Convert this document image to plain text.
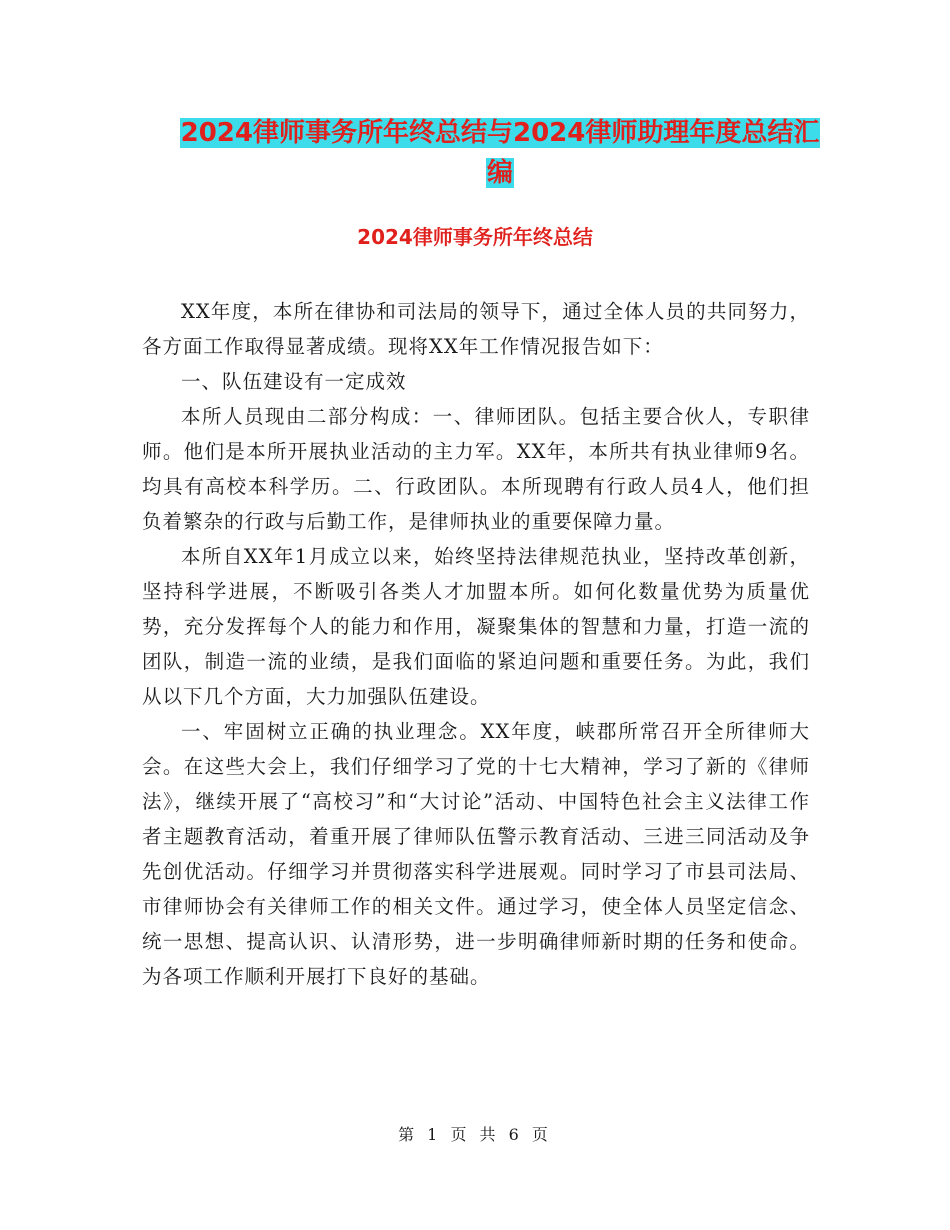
2024律师事务所年终总结与2024律师助理年度总结汇
编
2024律师事务所年终总结

XX年度，本所在律协和司法局的领导下，通过全体人员的共同努力，各方面工作取得显著成绩。现将XX年工作情况报告如下：

一、队伍建设有一定成效

本所人员现由二部分构成：一、律师团队。包括主要合伙人，专职律师。他们是本所开展执业活动的主力军。XX年，本所共有执业律师9名。均具有高校本科学历。二、行政团队。本所现聘有行政人员4人，他们担负着繁杂的行政与后勤工作，是律师执业的重要保障力量。

本所自XX年1月成立以来，始终坚持法律规范执业，坚持改革创新，坚持科学进展，不断吸引各类人才加盟本所。如何化数量优势为质量优势，充分发挥每个人的能力和作用，凝聚集体的智慧和力量，打造一流的团队，制造一流的业绩，是我们面临的紧迫问题和重要任务。为此，我们从以下几个方面，大力加强队伍建设。

一、牢固树立正确的执业理念。XX年度，峡郡所常召开全所律师大会。在这些大会上，我们仔细学习了党的十七大精神，学习了新的《律师法》，继续开展了“高校习”和“大讨论”活动、中国特色社会主义法律工作者主题教育活动，着重开展了律师队伍警示教育活动、三进三同活动及争先创优活动。仔细学习并贯彻落实科学进展观。同时学习了市县司法局、市律师协会有关律师工作的相关文件。通过学习，使全体人员坚定信念、统一思想、提高认识、认清形势，进一步明确律师新时期的任务和使命。为各项工作顺利开展打下良好的基础。

第 1 页 共 6 页
